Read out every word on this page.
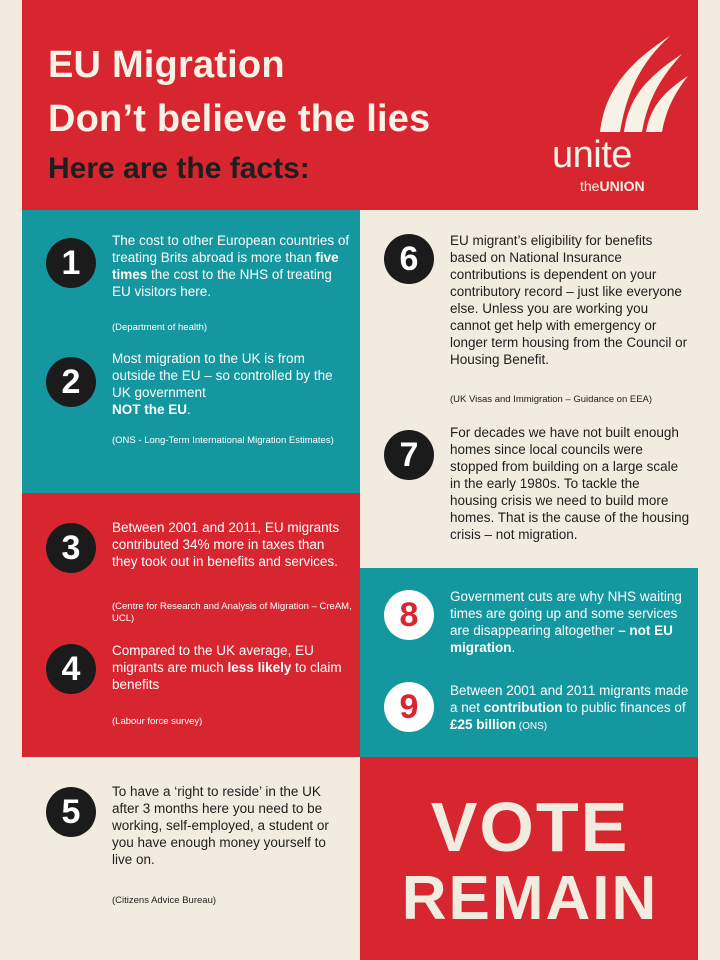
EU Migration
Don’t believe the lies
Here are the facts:	unite
theUNION
1
The cost to other European countries of treating Brits abroad is more than five times the cost to the NHS of treating EU visitors here.
(Department of health)
2
Most migration to the UK is from outside the EU – so controlled by the UK government
NOT the EU.
(ONS - Long-Term International Migration Estimates)
3
Between 2001 and 2011, EU migrants contributed 34% more in taxes than they took out in benefits and services.
(Centre for Research and Analysis of Migration – CreAM, UCL)
4	Compared to the UK average, EU migrants are much less likely to claim benefits
(Labour force survey)
5
To have a ‘right to reside’ in the UK after 3 months here you need to be working, self-employed, a student or you have enough money yourself to live on.
(Citizens Advice Bureau)
6	EU migrant’s eligibility for benefits based on National Insurance contributions is dependent on your contributory record – just like everyone else. Unless you are working you cannot get help with emergency or longer term housing from the Council or Housing Benefit.
(UK Visas and Immigration – Guidance on EEA)
7
For decades we have not built enough homes since local councils were stopped from building on a large scale in the early 1980s. To tackle the housing crisis we need to build more homes. That is the cause of the housing crisis – not migration.
8	Government cuts are why NHS waiting times are going up and some services are disappearing altogether – not EU migration.
9	Between 2001 and 2011 migrants made a net contribution to public finances of £25 billion (ONS)
VOTE
REMAIN
